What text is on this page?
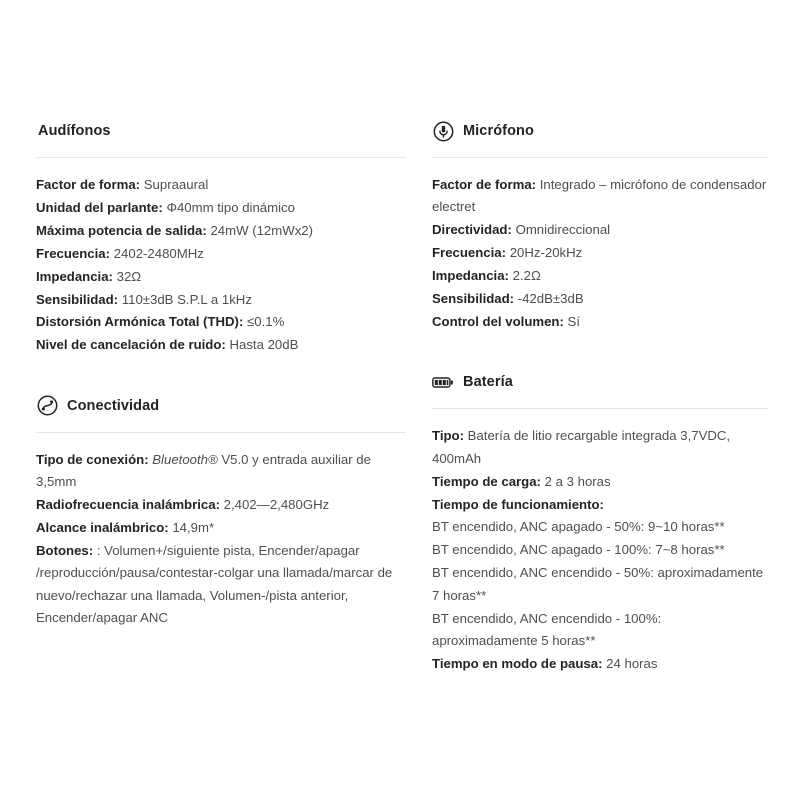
Audífonos

Factor de forma: Supraaural

Unidad del parlante: Φ40mm tipo dinámico

Máxima potencia de salida: 24mW (12mWx2)

Frecuencia: 2402-2480MHz

Impedancia: 32Ω

Sensibilidad: 110±3dB S.P.L a 1kHz

Distorsión Armónica Total (THD): ≤0.1%

Nivel de cancelación de ruido: Hasta 20dB

Conectividad

Tipo de conexión: Bluetooth® V5.0 y entrada auxiliar de 3,5mm

Radiofrecuencia inalámbrica: 2,402—2,480GHz

Alcance inalámbrico: 14,9m*

Botones: : Volumen+/siguiente pista, Encender/apagar /reproducción/pausa/contestar-colgar una llamada/marcar de nuevo/rechazar una llamada, Volumen-/pista anterior, Encender/apagar ANC

Micrófono

Factor de forma: Integrado – micrófono de condensador electret

Directividad: Omnidireccional

Frecuencia: 20Hz-20kHz

Impedancia: 2.2Ω

Sensibilidad: -42dB±3dB

Control del volumen: Sí

Batería

Tipo: Batería de litio recargable integrada 3,7VDC, 400mAh

Tiempo de carga: 2 a 3 horas

Tiempo de funcionamiento:

BT encendido, ANC apagado - 50%: 9~10 horas**

BT encendido, ANC apagado - 100%: 7~8 horas**

BT encendido, ANC encendido - 50%: aproximadamente 7 horas**

BT encendido, ANC encendido - 100%: aproximadamente 5 horas**

Tiempo en modo de pausa: 24 horas
